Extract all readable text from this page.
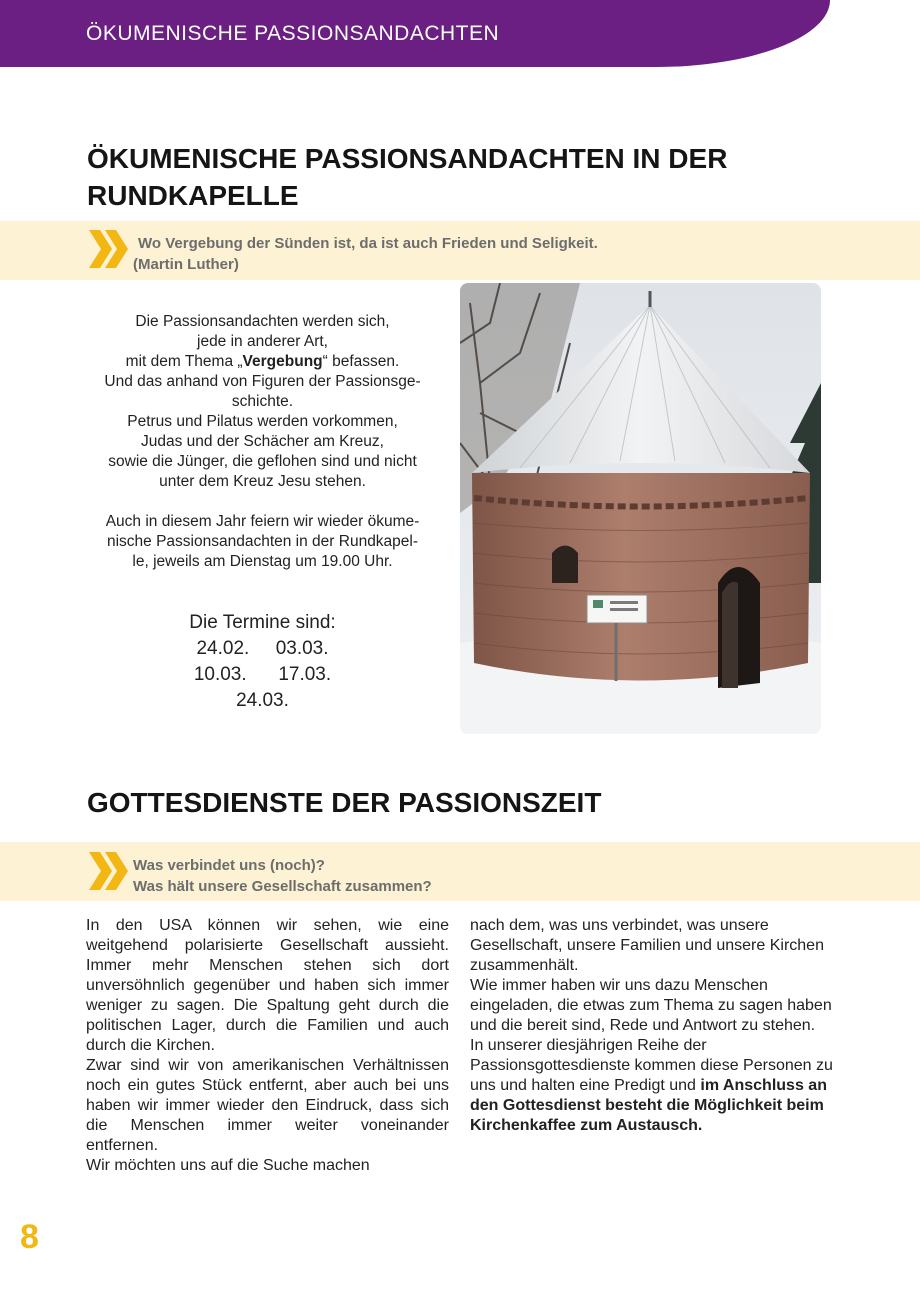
ÖKUMENISCHE PASSIONSANDACHTEN
ÖKUMENISCHE PASSIONSANDACHTEN IN DER
RUNDKAPELLE
Wo Vergebung der Sünden ist, da ist auch Frieden und Seligkeit.
(Martin Luther)
Die Passionsandachten werden sich,
jede in anderer Art,
mit dem Thema „Vergebung“ befassen.
Und das anhand von Figuren der Passionsge-
schichte.
Petrus und Pilatus werden vorkommen,
Judas und der Schächer am Kreuz,
sowie die Jünger, die geflohen sind und nicht
unter dem Kreuz Jesu stehen.
Auch in diesem Jahr feiern wir wieder ökume-
nische Passionsandachten in der Rundkapel-
le, jeweils am Dienstag um 19.00 Uhr.
Die Termine sind:
24.02.     03.03.
10.03.      17.03.
24.03.
GOTTESDIENSTE DER PASSIONSZEIT
Was verbindet uns (noch)?
Was hält unsere Gesellschaft zusammen?

In den USA können wir sehen, wie eine weitgehend polarisierte Gesellschaft aussieht. Immer mehr Menschen stehen sich dort unversöhnlich gegenüber und haben sich immer weniger zu sagen. Die Spaltung geht durch die politischen Lager, durch die Familien und auch durch die Kirchen.

Zwar sind wir von amerikanischen Verhältnissen noch ein gutes Stück entfernt, aber auch bei uns haben wir immer wieder den Eindruck, dass sich die Menschen immer weiter voneinander entfernen.

Wir möchten uns auf die Suche machen

nach dem, was uns verbindet, was unsere Gesellschaft, unsere Familien und unsere Kirchen zusammenhält.

Wie immer haben wir uns dazu Menschen eingeladen, die etwas zum Thema zu sagen haben und die bereit sind, Rede und Antwort zu stehen.

In unserer diesjährigen Reihe der Passionsgottesdienste kommen diese Personen zu uns und halten eine Predigt und im Anschluss an den Gottesdienst besteht die Möglichkeit beim Kirchenkaffee zum Austausch.

8
